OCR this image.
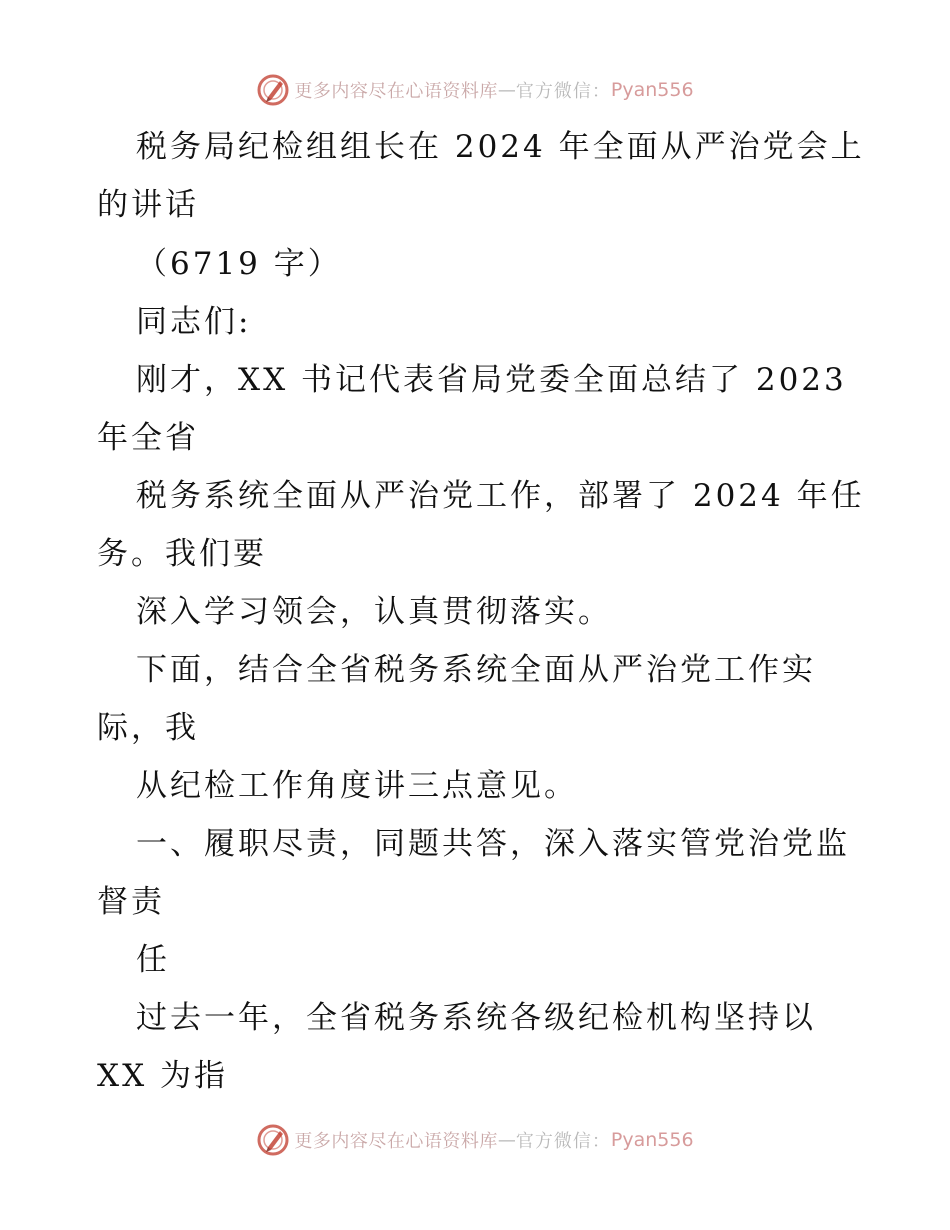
更多内容尽在心语资料库 — 官方微信： Pyan556
税务局纪检组组长在 2024 年全面从严治党会上
的讲话
（6719 字）
同志们:
刚才，XX 书记代表省局党委全面总结了 2023
年全省
税务系统全面从严治党工作，部署了 2024 年任
务。我们要
深入学习领会，认真贯彻落实。
下面，结合全省税务系统全面从严治党工作实
际，我
从纪检工作角度讲三点意见。
一、履职尽责，同题共答，深入落实管党治党监
督责
任
过去一年，全省税务系统各级纪检机构坚持以
XX 为指
更多内容尽在心语资料库 — 官方微信： Pyan556
